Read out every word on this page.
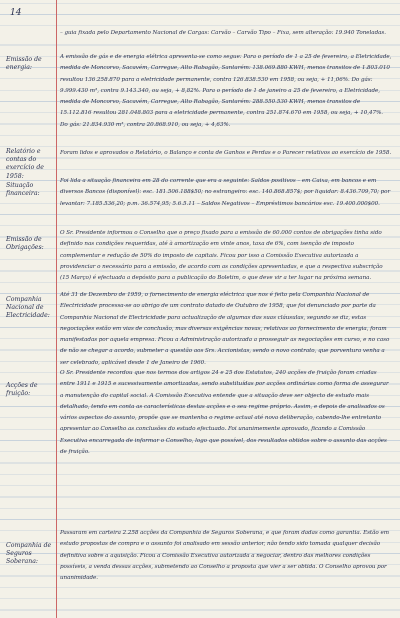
14
– guia fixada pelo Departamento Nacional de Cargas: Carvão – Carvão Tipo – Fixa, sem alteração: 19.940 Toneladas.
Emissão de energia:
A emissão de gás e de energia elétrica apresenta-se como segue: Para o período de 1 a 25 de fevereiro, a Eletricidade, medida de Moncorvo, Sacavém, Carregue, Alto Rabagão, Santarém: 138.069.880 KWH, menos transitos de 1.803.010 resultou 136.258.870 para a eletricidade permanente, contra 126.838.530 em 1958, ou seja, + 11,06%. Do gás: 9.999.430 m³, contra 9.143.340, ou seja, + 8,82%. Para o período de 1 de janeiro a 25 de fevereiro, a Eletricidade, medida de Moncorvo, Sacavém, Carregue, Alto Rabagão, Santarém: 288.550.530 KWH, menos transitos de 15.112.816 resultou 281.048.803 para a eletricidade permanente, contra 251.874.670 em 1958, ou seja, + 10,47%. Do gás: 21.834.930 m³, contra 20.868.910, ou seja, + 4,63%.
Relatório e contas do exercício de 1958:
Foram lidos e aprovados o Relatório, o Balanço e conta de Ganhos e Perdas e o Parecer relativos ao exercício de 1958.
Situação financeira:
Foi lida a situação financeira em 28 do corrente que era a seguinte: Saldos positivos – em Caixa, em bancos e em diversos Bancos (disponível): esc. 181.506.188$50; no estrangeiro: esc. 140.868.857$; por liquidar: 8.436.709,70; por levantar: 7.185.536,20; p.m. 36.574,95; 5.6.5.11 – Saldos Negativos – Empréstimos bancários esc. 19.400.000$00.
Emissão de Obrigações:
O Sr. Presidente informou o Conselho que o preço fixado para a emissão de 60.000 contos de obrigações tinha sido definido nas condições requeridas, até à amortização em vinte anos, taxa de 6%, com isenção de imposto complementar e redução de 50% do imposto de capitais. Ficou por isso a Comissão Executiva autorizada a providenciar o necessário para a emissão, de acordo com as condições apresentadas, e que a respectiva subscrição (15 Março) é efectuada a depósito para a publicação do Boletim, o que deve vir a ter lugar na próxima semana.
Companhia Nacional de Electricidade:
Até 31 de Dezembro de 1959, o fornecimento de energia eléctrica que nos é feito pela Companhia Nacional de Electricidade processa-se ao abrigo de um contrato datado de Outubro de 1958, que foi denunciado por parte da Companhia Nacional de Electricidade para actualização de algumas das suas cláusulas, segundo se diz, estas negociações estão em vias de conclusão, mas diversas exigências novas, relativas ao fornecimento de energia, foram manifestadas por aquela empresa. Ficou a Administração autorizada a prosseguir as negociações em curso, e no caso de não se chegar a acordo, submeter a questão aos Srs. Accionistas, sendo o novo contrato, que porventura venha a ser celebrado, aplicável desde 1 de Janeiro de 1960.
Acções de fruição:
O Sr. Presidente recordou que nos termos dos artigos 24 e 25 dos Estatutos, 240 acções de fruição foram criadas entre 1911 e 1915 e sucessivamente amortizadas, sendo substituídas por acções ordinárias como forma de assegurar a manutenção do capital social. A Comissão Executiva entende que a situação deve ser objecto de estudo mais detalhado, tendo em conta as características destas acções e o seu regime próprio. Assim, e depois de analisados os vários aspectos do assunto, propõe que se mantenha o regime actual até nova deliberação, cabendo-lhe entretanto apresentar ao Conselho as conclusões do estudo efectuado. Foi unanimemente aprovado, ficando a Comissão Executiva encarregada de informar o Conselho, logo que possível, dos resultados obtidos sobre o assunto das acções de fruição.
Companhia de Seguros Soberana:
Passaram em carteira 2.258 acções da Companhia de Seguros Soberana, e que foram dadas como garantia. Estão em estudo propostas de compra e o assunto foi analisado em sessão anterior, não tendo sido tomada qualquer decisão definitiva sobre a aquisição. Ficou a Comissão Executiva autorizada a negociar, dentro das melhores condições possíveis, a venda dessas acções, submetendo ao Conselho a proposta que vier a ser obtida. O Conselho aprovou por unanimidade.
